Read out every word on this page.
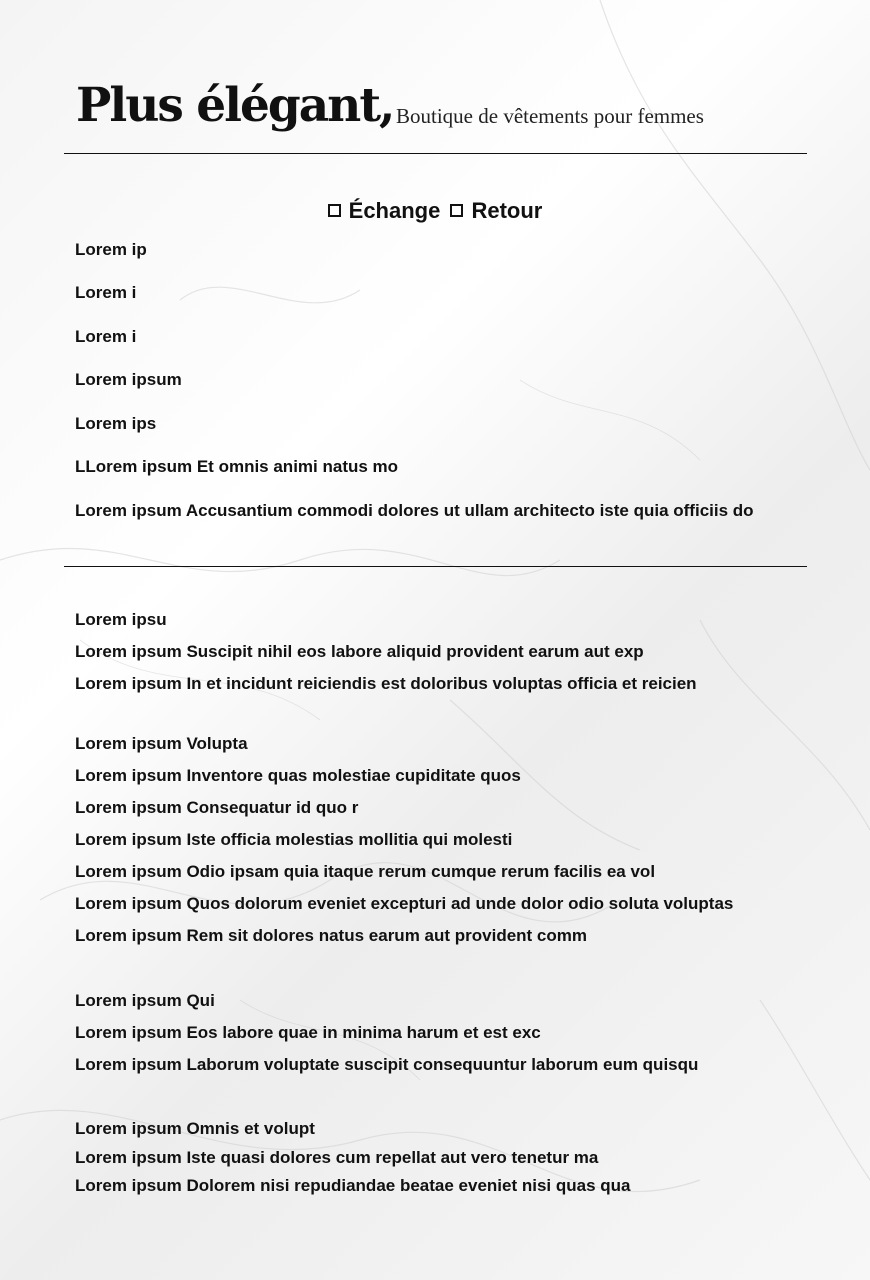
Plus élégant, Boutique de vêtements pour femmes
Échange
Retour
Lorem ip
Lorem i
Lorem i
Lorem ipsum
Lorem ips
LLorem ipsum Et omnis animi natus mo
Lorem ipsum Accusantium commodi dolores ut ullam architecto iste quia officiis do
Lorem ipsu
Lorem ipsum Suscipit nihil eos labore aliquid provident earum aut exp
Lorem ipsum In et incidunt reiciendis est doloribus voluptas officia et reicien
Lorem ipsum Volupta
Lorem ipsum Inventore quas molestiae cupiditate quos
Lorem ipsum Consequatur id quo r
Lorem ipsum Iste officia molestias mollitia qui molesti
Lorem ipsum Odio ipsam quia itaque rerum cumque rerum facilis ea vol
Lorem ipsum Quos dolorum eveniet excepturi ad unde dolor odio soluta voluptas
Lorem ipsum Rem sit dolores natus earum aut provident comm
Lorem ipsum Qui
Lorem ipsum Eos labore quae in minima harum et est exc
Lorem ipsum Laborum voluptate suscipit consequuntur laborum eum quisqu
Lorem ipsum Omnis et volupt
Lorem ipsum Iste quasi dolores cum repellat aut vero tenetur ma
Lorem ipsum Dolorem nisi repudiandae beatae eveniet nisi quas qua
